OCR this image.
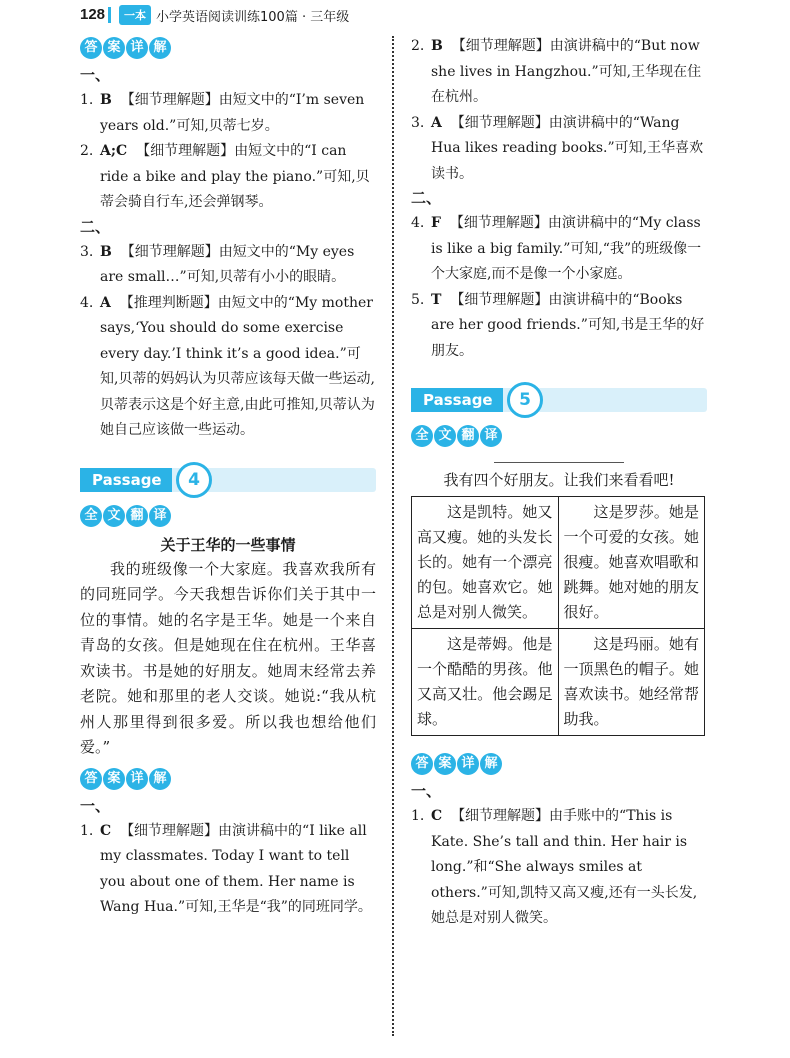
128	一本 小学英语阅读训练100篇 · 三年级
答 案 详 解
一、
1. B 【细节理解题】由短文中的“I’m seven years old.”可知,贝蒂七岁。
2. A;C 【细节理解题】由短文中的“I can ride a bike and play the piano.”可知,贝蒂会骑自行车,还会弹钢琴。
二、
3. B 【细节理解题】由短文中的“My eyes are small…”可知,贝蒂有小小的眼睛。
4. A 【推理判断题】由短文中的“My mother says,‘You should do some exercise every day.’I think it’s a good idea.”可知,贝蒂的妈妈认为贝蒂应该每天做一些运动,贝蒂表示这是个好主意,由此可推知,贝蒂认为她自己应该做一些运动。
Passage	4
全 文 翻 译
关于王华的一些事情

我的班级像一个大家庭。我喜欢我所有的同班同学。今天我想告诉你们关于其中一位的事情。她的名字是王华。她是一个来自青岛的女孩。但是她现在住在杭州。王华喜欢读书。书是她的好朋友。她周末经常去养老院。她和那里的老人交谈。她说:“我从杭州人那里得到很多爱。所以我也想给他们爱。”

答 案 详 解
一、
1. C 【细节理解题】由演讲稿中的“I like all my classmates. Today I want to tell you about one of them. Her name is Wang Hua.”可知,王华是“我”的同班同学。
2. B 【细节理解题】由演讲稿中的“But now she lives in Hangzhou.”可知,王华现在住在杭州。
3. A 【细节理解题】由演讲稿中的“Wang Hua likes reading books.”可知,王华喜欢读书。
二、
4. F 【细节理解题】由演讲稿中的“My class is like a big family.”可知,“我”的班级像一个大家庭,而不是像一个小家庭。
5. T 【细节理解题】由演讲稿中的“Books are her good friends.”可知,书是王华的好朋友。
Passage	5
全 文 翻 译
我有四个好朋友。让我们来看看吧!
这是凯特。她又高又瘦。她的头发长长的。她有一个漂亮的包。她喜欢它。她总是对别人微笑。	这是罗莎。她是一个可爱的女孩。她很瘦。她喜欢唱歌和跳舞。她对她的朋友很好。
这是蒂姆。他是一个酷酷的男孩。他又高又壮。他会踢足球。	这是玛丽。她有一顶黑色的帽子。她喜欢读书。她经常帮助我。
答 案 详 解
一、
1. C 【细节理解题】由手账中的“This is Kate. She’s tall and thin. Her hair is long.”和“She always smiles at others.”可知,凯特又高又瘦,还有一头长发,她总是对别人微笑。
